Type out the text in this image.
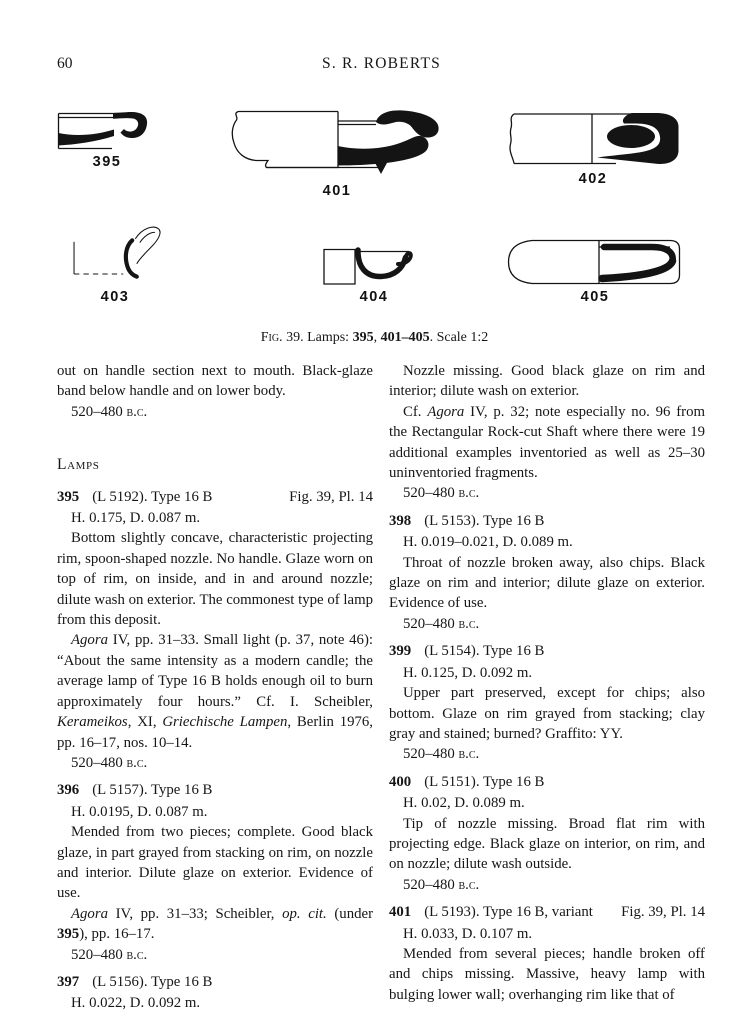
60	S. R. ROBERTS
395
401
402
403	404	405
Fig. 39. Lamps: 395, 401–405. Scale 1:2

out on handle section next to mouth. Black-glaze band below handle and on lower body.

520–480 b.c.
Lamps
395 (L 5192). Type 16 B	Fig. 39, Pl. 14
H. 0.175, D. 0.087 m.

Bottom slightly concave, characteristic projecting rim, spoon-shaped nozzle. No handle. Glaze worn on top of rim, on inside, and in and around nozzle; dilute wash on exterior. The commonest type of lamp from this deposit.

Agora IV, pp. 31–33. Small light (p. 37, note 46): “About the same intensity as a modern candle; the average lamp of Type 16 B holds enough oil to burn approximately four hours.” Cf. I. Scheibler, Kerameikos, XI, Griechische Lampen, Berlin 1976, pp. 16–17, nos. 10–14.

520–480 b.c.
396 (L 5157). Type 16 B
H. 0.0195, D. 0.087 m.

Mended from two pieces; complete. Good black glaze, in part grayed from stacking on rim, on nozzle and interior. Dilute glaze on exterior. Evidence of use.

Agora IV, pp. 31–33; Scheibler, op. cit. (under 395), pp. 16–17.

520–480 b.c.
397 (L 5156). Type 16 B
H. 0.022, D. 0.092 m.

Nozzle missing. Good black glaze on rim and interior; dilute wash on exterior.

Cf. Agora IV, p. 32; note especially no. 96 from the Rectangular Rock-cut Shaft where there were 19 additional examples inventoried as well as 25–30 uninventoried fragments.

520–480 b.c.
398 (L 5153). Type 16 B
H. 0.019–0.021, D. 0.089 m.

Throat of nozzle broken away, also chips. Black glaze on rim and interior; dilute glaze on exterior. Evidence of use.

520–480 b.c.
399 (L 5154). Type 16 B
H. 0.125, D. 0.092 m.

Upper part preserved, except for chips; also bottom. Glaze on rim grayed from stacking; clay gray and stained; burned? Graffito: YY.

520–480 b.c.
400 (L 5151). Type 16 B
H. 0.02, D. 0.089 m.

Tip of nozzle missing. Broad flat rim with projecting edge. Black glaze on interior, on rim, and on nozzle; dilute wash outside.

520–480 b.c.
401 (L 5193). Type 16 B, variant Fig. 39, Pl. 14
H. 0.033, D. 0.107 m.

Mended from several pieces; handle broken off and chips missing. Massive, heavy lamp with bulging lower wall; overhanging rim like that of
